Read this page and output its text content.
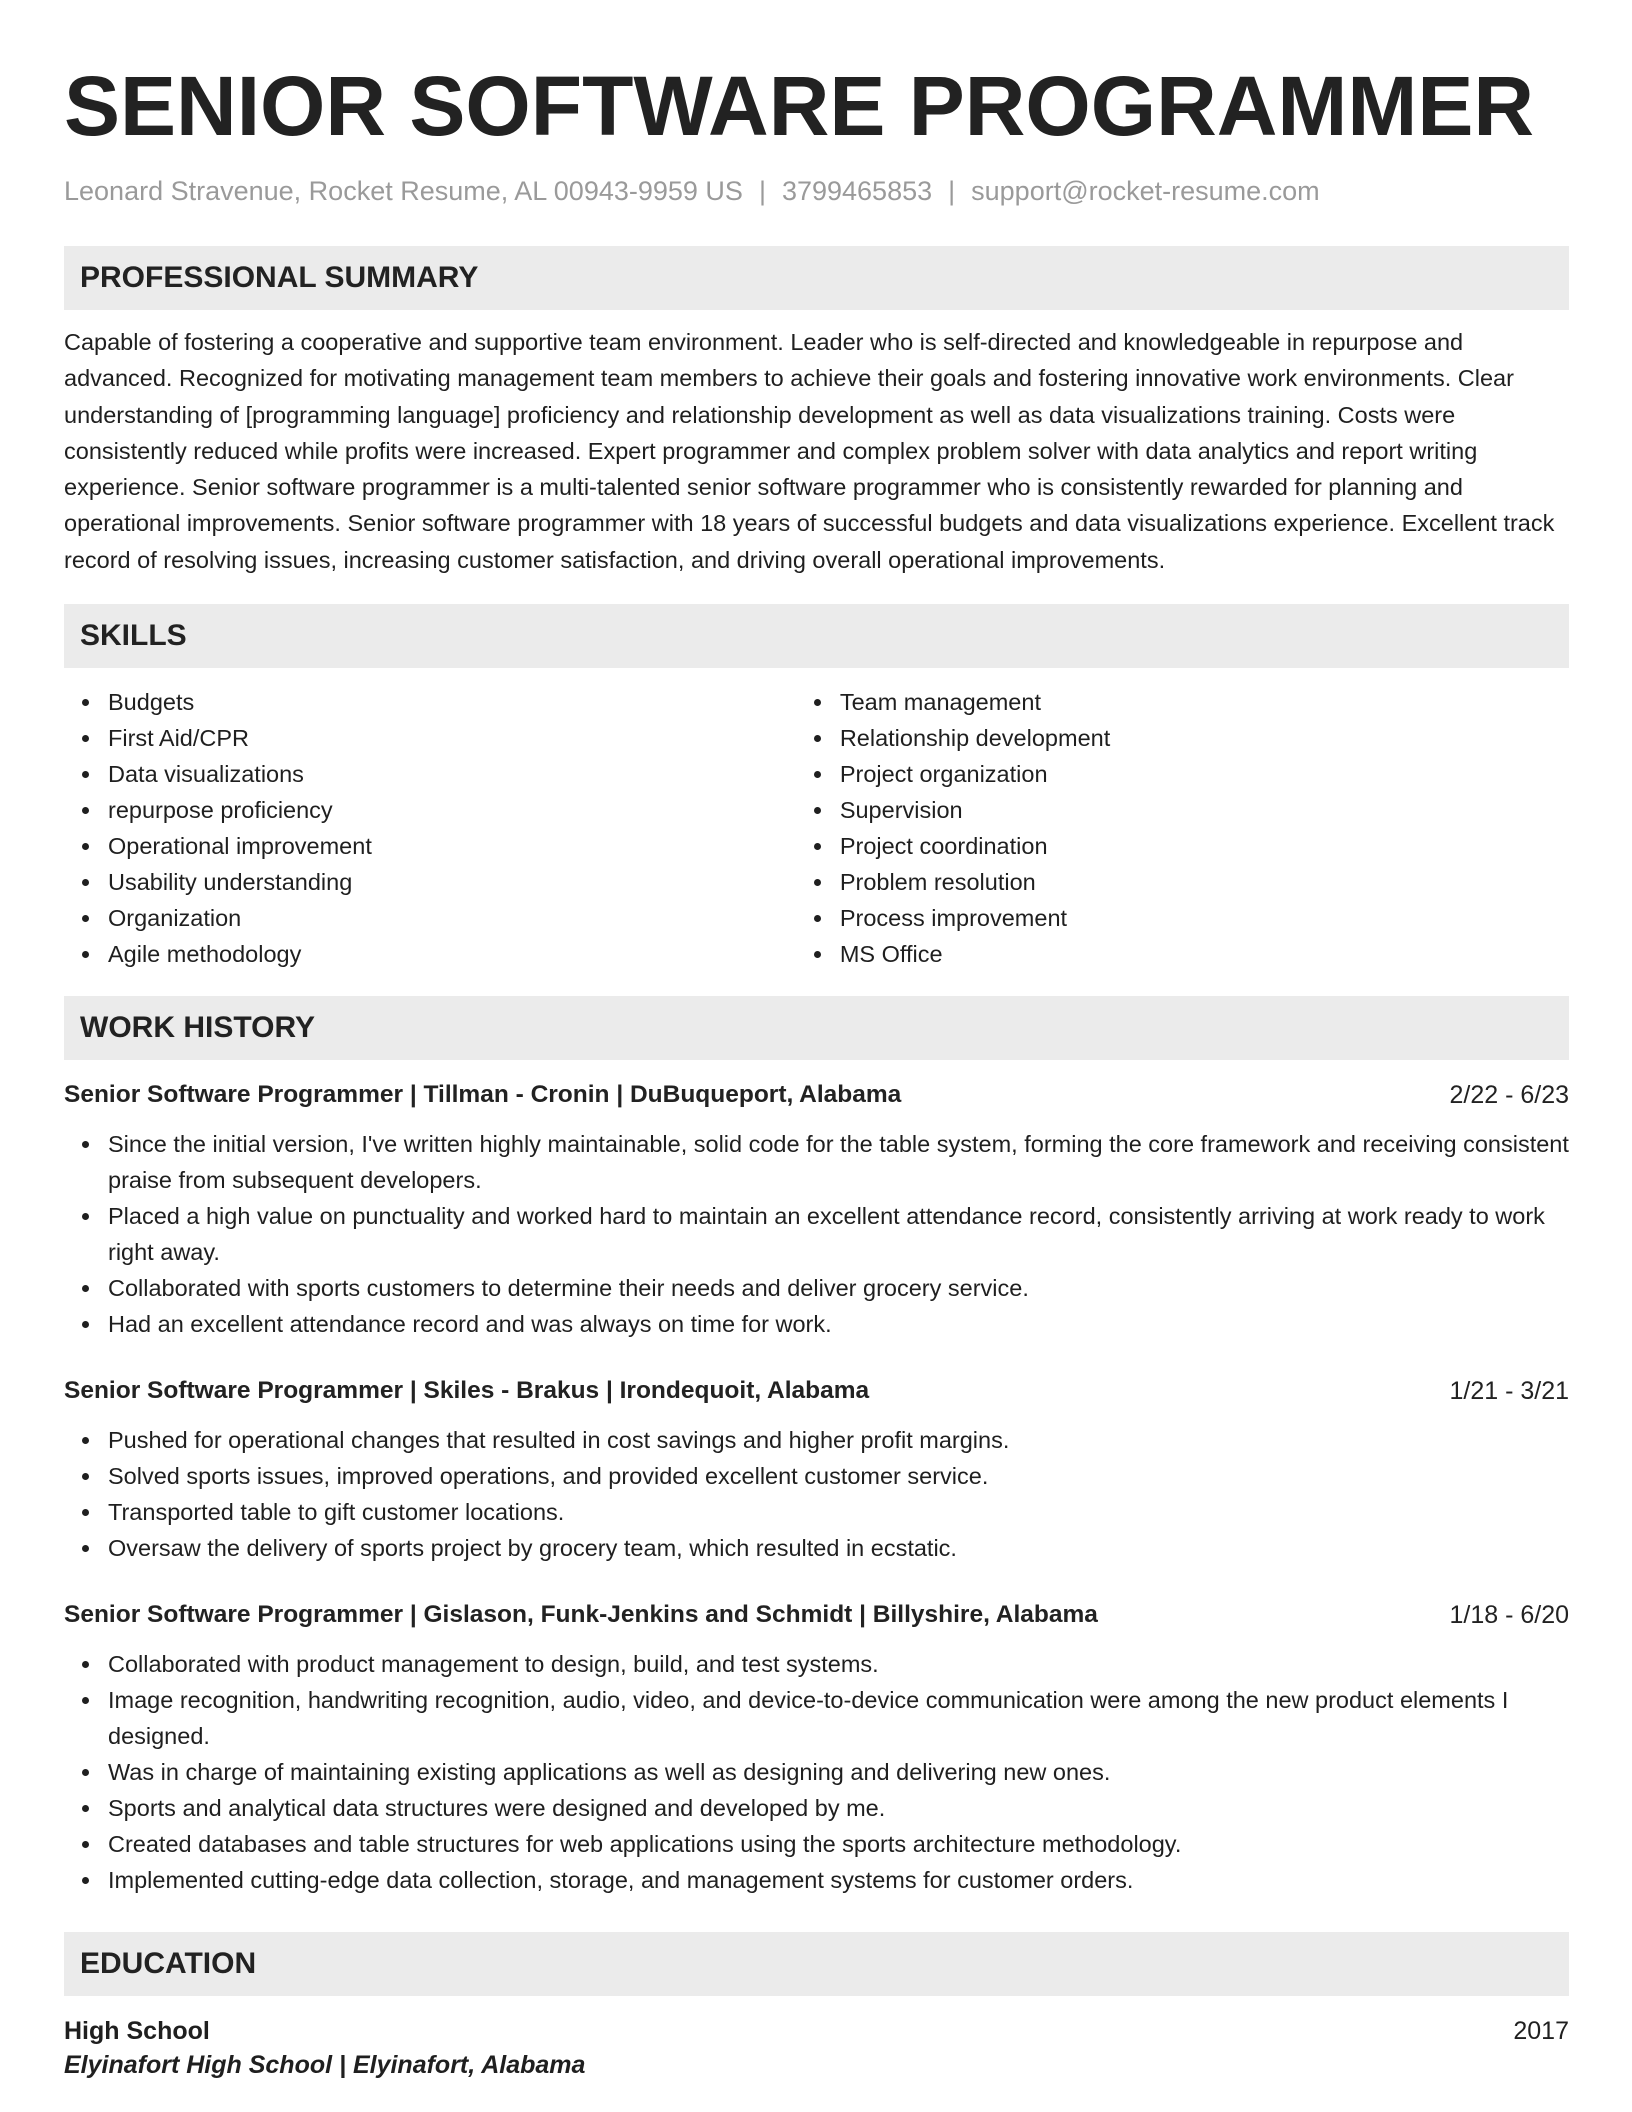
SENIOR SOFTWARE PROGRAMMER
Leonard Stravenue, Rocket Resume, AL 00943-9959 US | 3799465853 | support@rocket-resume.com
PROFESSIONAL SUMMARY

Capable of fostering a cooperative and supportive team environment. Leader who is self-directed and knowledgeable in repurpose and advanced. Recognized for motivating management team members to achieve their goals and fostering innovative work environments. Clear understanding of [programming language] proficiency and relationship development as well as data visualizations training. Costs were consistently reduced while profits were increased. Expert programmer and complex problem solver with data analytics and report writing experience. Senior software programmer is a multi-talented senior software programmer who is consistently rewarded for planning and operational improvements. Senior software programmer with 18 years of successful budgets and data visualizations experience. Excellent track record of resolving issues, increasing customer satisfaction, and driving overall operational improvements.

SKILLS
Budgets
First Aid/CPR
Data visualizations
repurpose proficiency
Operational improvement
Usability understanding
Organization
Agile methodology
Team management
Relationship development
Project organization
Supervision
Project coordination
Problem resolution
Process improvement
MS Office
WORK HISTORY
Senior Software Programmer | Tillman - Cronin | DuBuqueport, Alabama	2/22 - 6/23
Since the initial version, I've written highly maintainable, solid code for the table system, forming the core framework and receiving consistent praise from subsequent developers.
Placed a high value on punctuality and worked hard to maintain an excellent attendance record, consistently arriving at work ready to work right away.
Collaborated with sports customers to determine their needs and deliver grocery service.
Had an excellent attendance record and was always on time for work.
Senior Software Programmer | Skiles - Brakus | Irondequoit, Alabama	1/21 - 3/21
Pushed for operational changes that resulted in cost savings and higher profit margins.
Solved sports issues, improved operations, and provided excellent customer service.
Transported table to gift customer locations.
Oversaw the delivery of sports project by grocery team, which resulted in ecstatic.
Senior Software Programmer | Gislason, Funk-Jenkins and Schmidt | Billyshire, Alabama	1/18 - 6/20
Collaborated with product management to design, build, and test systems.
Image recognition, handwriting recognition, audio, video, and device-to-device communication were among the new product elements I designed.
Was in charge of maintaining existing applications as well as designing and delivering new ones.
Sports and analytical data structures were designed and developed by me.
Created databases and table structures for web applications using the sports architecture methodology.
Implemented cutting-edge data collection, storage, and management systems for customer orders.
EDUCATION
High School	2017
Elyinafort High School | Elyinafort, Alabama
